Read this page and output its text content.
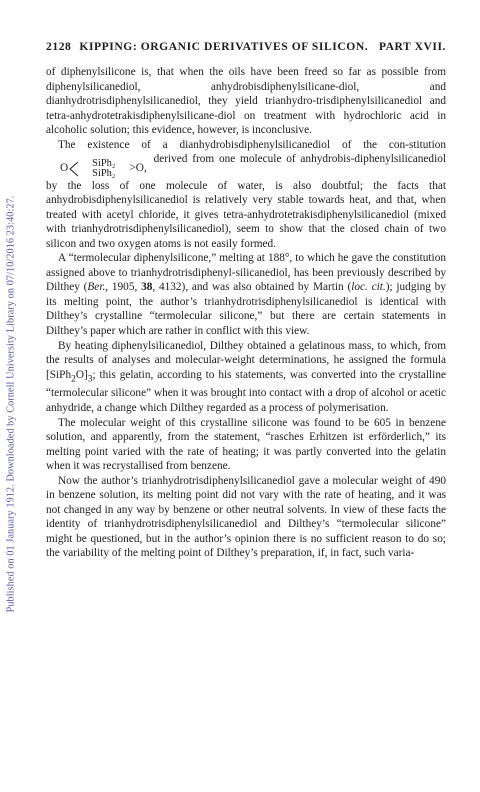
Published on 01 January 1912. Downloaded by Cornell University Library on 07/10/2016 23:40:27.
2128 KIPPING: ORGANIC DERIVATIVES OF SILICON. PART XVII.

of diphenylsilicone is, that when the oils have been freed so far as possible from diphenylsilicanediol, anhydrobisdiphenylsilicane-diol, and dianhydrotrisdiphenylsilicanediol, they yield trianhydro-trisdiphenylsilicanediol and tetra-anhydrotetrakisdiphenylsilicane-diol on treatment with hydrochloric acid in alcoholic solution; this evidence, however, is inconclusive.

The existence of a dianhydrobisdiphenylsilicanediol of the con-stitution
O	SiPh₂
SiPh₂	>O,
derived from one molecule of anhydrobis-diphenylsilicanediol by the loss of one molecule of water, is also doubtful; the facts that anhydrobisdiphenylsilicanediol is relatively very stable towards heat, and that, when treated with acetyl chloride, it gives tetra-anhydrotetrakisdiphenylsilicanediol (mixed with trianhydrotrisdiphenylsilicanediol), seem to show that the closed chain of two silicon and two oxygen atoms is not easily formed.

A “termolecular diphenylsilicone,” melting at 188°, to which he gave the constitution assigned above to trianhydrotrisdiphenyl-silicanediol, has been previously described by Dilthey (Ber., 1905, 38, 4132), and was also obtained by Martin (loc. cit.); judging by its melting point, the author’s trianhydrotrisdiphenylsilicanediol is identical with Dilthey’s crystalline “termolecular silicone,” but there are certain statements in Dilthey’s paper which are rather in conflict with this view.

By heating diphenylsilicanediol, Dilthey obtained a gelatinous mass, to which, from the results of analyses and molecular-weight determinations, he assigned the formula $[SiPh_2O]_3$; this gelatin, according to his statements, was converted into the crystalline “termolecular silicone” when it was brought into contact with a drop of alcohol or acetic anhydride, a change which Dilthey regarded as a process of polymerisation.

The molecular weight of this crystalline silicone was found to be 605 in benzene solution, and apparently, from the statement, “rasches Erhitzen ist erförderlich,” its melting point varied with the rate of heating; it was partly converted into the gelatin when it was recrystallised from benzene.

Now the author’s trianhydrotrisdiphenylsilicanediol gave a molecular weight of 490 in benzene solution, its melting point did not vary with the rate of heating, and it was not changed in any way by benzene or other neutral solvents. In view of these facts the identity of trianhydrotrisdiphenylsilicanediol and Dilthey’s “termolecular silicone” might be questioned, but in the author’s opinion there is no sufficient reason to do so; the variability of the melting point of Dilthey’s preparation, if, in fact, such varia-
